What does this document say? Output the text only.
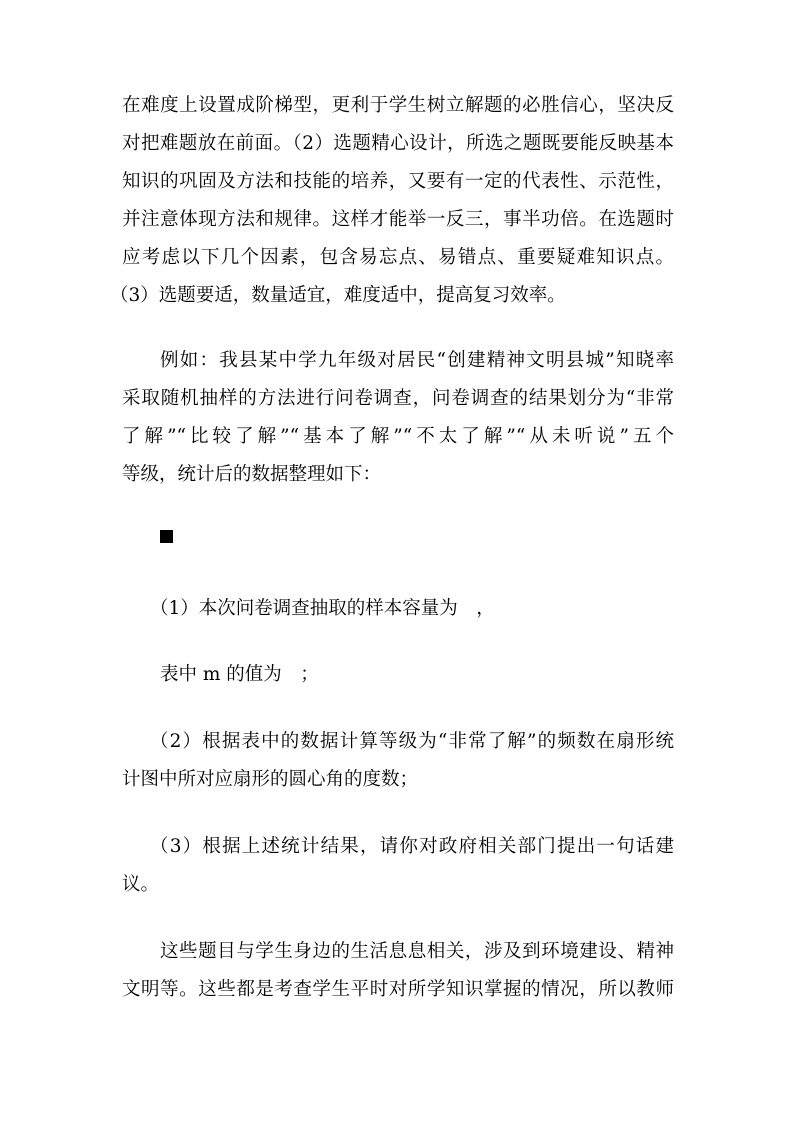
在难度上设置成阶梯型，更利于学生树立解题的必胜信心，坚决反
对把难题放在前面。（2）选题精心设计，所选之题既要能反映基本
知识的巩固及方法和技能的培养，又要有一定的代表性、示范性，
并注意体现方法和规律。这样才能举一反三，事半功倍。在选题时
应考虑以下几个因素，包含易忘点、易错点、重要疑难知识点。
（3）选题要适，数量适宜，难度适中，提高复习效率。
例如：我县某中学九年级对居民“创建精神文明县城”知晓率
采取随机抽样的方法进行问卷调查，问卷调查的结果划分为“非常
了解”“比较了解”“基本了解”“不太了解”“从未听说”五个
等级，统计后的数据整理如下：
（1）本次问卷调查抽取的样本容量为　，
表中 m 的值为　；
（2）根据表中的数据计算等级为“非常了解”的频数在扇形统
计图中所对应扇形的圆心角的度数；
（3）根据上述统计结果，请你对政府相关部门提出一句话建
议。
这些题目与学生身边的生活息息相关，涉及到环境建设、精神
文明等。这些都是考查学生平时对所学知识掌握的情况，所以教师
